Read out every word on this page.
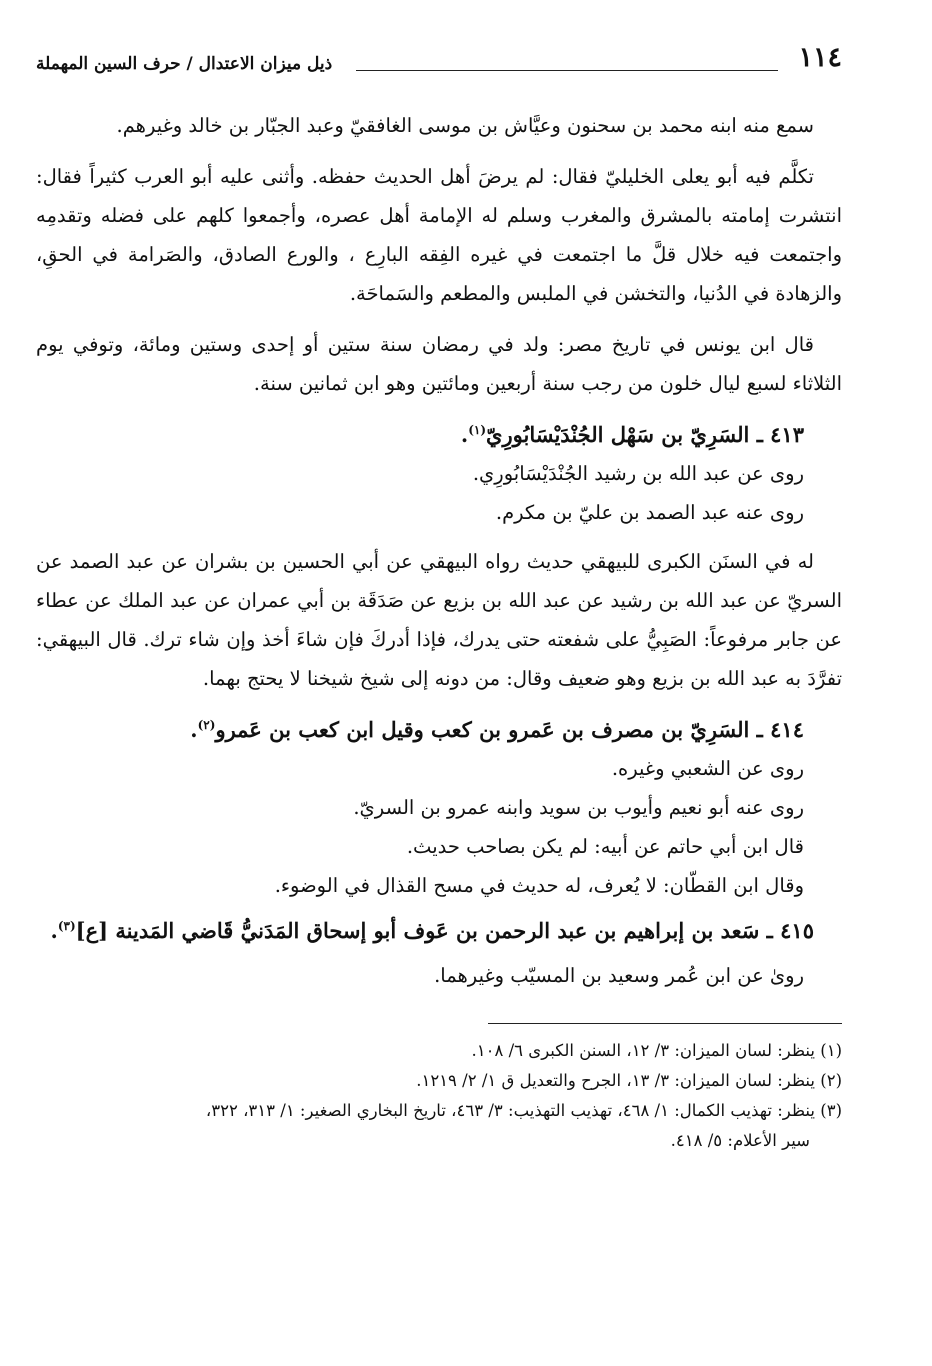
١١٤
ذيل ميزان الاعتدال / حرف السين المهملة

سمع منه ابنه محمد بن سحنون وعيَّاش بن موسى الغافقيّ وعبد الجبّار بن خالد وغيرهم.

تكلَّم فيه أبو يعلى الخليليّ فقال: لم يرضَ أهل الحديث حفظه. وأثنى عليه أبو العرب كثيراً فقال: انتشرت إمامته بالمشرق والمغرب وسلم له الإمامة أهل عصره، وأجمعوا كلهم على فضله وتقدمِه واجتمعت فيه خلال قلَّ ما اجتمعت في غيره الفِقه البارِع ، والورع الصادق، والصَرامة في الحقِ، والزهادة في الدُنيا، والتخشن في الملبس والمطعم والسَماحَة.

قال ابن يونس في تاريخ مصر: ولد في رمضان سنة ستين أو إحدى وستين ومائة، وتوفي يوم الثلاثاء لسبع ليال خلون من رجب سنة أربعين ومائتين وهو ابن ثمانين سنة.

٤١٣ ـ السَرِيّ بن سَهْل الجُنْدَيْسَابُورِيّ$^{(١)}$.

روى عن عبد الله بن رشيد الجُنْدَيْسَابُورِي.

روى عنه عبد الصمد بن عليّ بن مكرم.

له في السنَن الكبرى للبيهقي حديث رواه البيهقي عن أبي الحسين بن بشران عن عبد الصمد عن السريّ عن عبد الله بن رشيد عن عبد الله بن بزيع عن صَدَقَة بن أبي عمران عن عبد الملك عن عطاء عن جابر مرفوعاً: الصَبِيُّ على شفعته حتى يدرك، فإذا أدركَ فإن شاءَ أخذ وإن شاء ترك. قال البيهقي: تفرَّدَ به عبد الله بن بزيع وهو ضعيف وقال: من دونه إلى شيخ شيخنا لا يحتج بهما.

٤١٤ ـ السَرِيّ بن مصرف بن عَمرو بن كعب وقيل ابن كعب بن عَمرو$^{(٢)}$.

روى عن الشعبي وغيره.

روى عنه أبو نعيم وأيوب بن سويد وابنه عمرو بن السريّ.

قال ابن أبي حاتم عن أبيه: لم يكن بصاحب حديث.

وقال ابن القطّان: لا يُعرف، له حديث في مسح القذال في الوضوء.

٤١٥ ـ سَعد بن إبراهيم بن عبد الرحمن بن عَوف أبو إسحاق المَدَنيُّ قَاضي المَدينة [ع]$^{(٣)}$.

روىٰ عن ابن عُمر وسعيد بن المسيّب وغيرهما.

(١) ينظر: لسان الميزان: ٣/ ١٢، السنن الكبرى ٦/ ١٠٨.

(٢) ينظر: لسان الميزان: ٣/ ١٣، الجرح والتعديل ق ١/ ٢/ ١٢١٩.

(٣) ينظر: تهذيب الكمال: ١/ ٤٦٨، تهذيب التهذيب: ٣/ ٤٦٣، تاريخ البخاري الصغير: ١/ ٣١٣، ٣٢٢،
سير الأعلام: ٥/ ٤١٨.
